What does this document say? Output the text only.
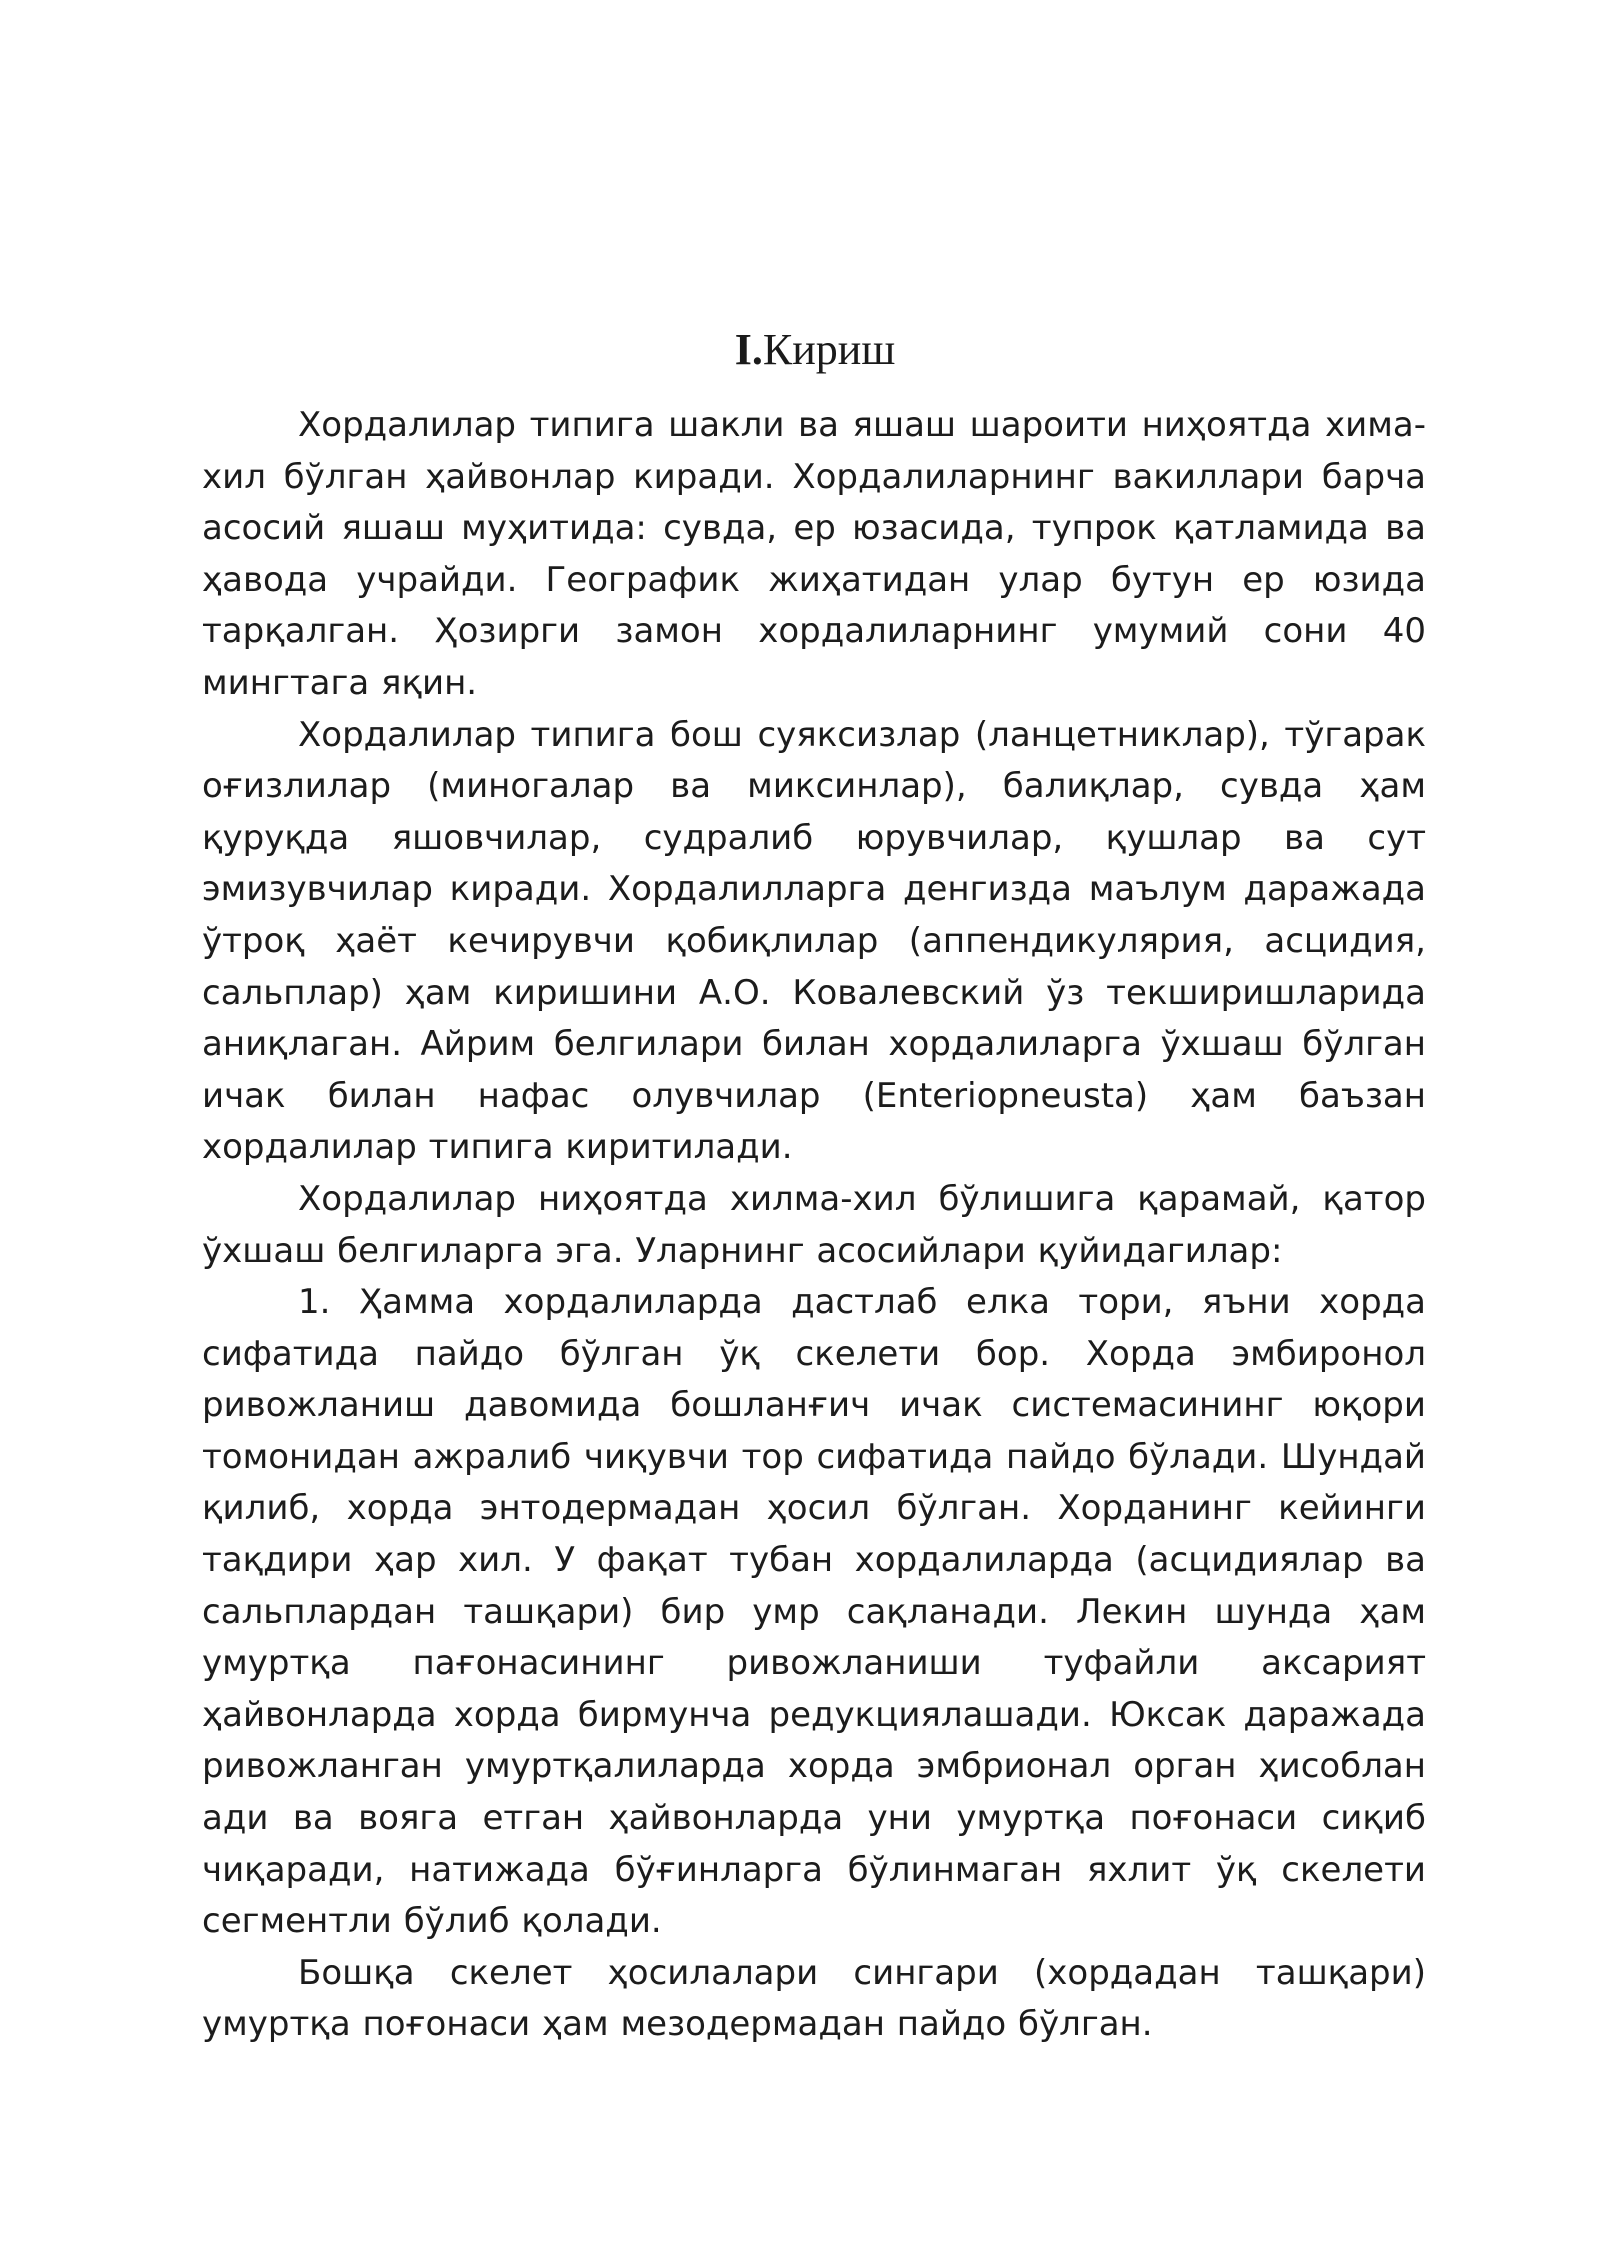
I.Кириш

Хордалилар типига шакли ва яшаш шароити ниҳоятда хима-хил бўлган ҳайвонлар киради. Хордалиларнинг вакиллари барча асосий яшаш муҳитида: сувда, ер юзасида, тупрок қатламида ва ҳавода учрайди. Географик жиҳатидан улар бутун ер юзида тарқалган. Ҳозирги замон хордалиларнинг умумий сони 40 мингтага яқин.

Хордалилар типига бош суяксизлар (ланцетниклар), тўгарак оғизлилар (миногалар ва миксинлар), балиқлар, сувда ҳам қуруқда яшовчилар, судралиб юрувчилар, қушлар ва сут эмизувчилар киради. Хордалилларга денгизда маълум даражада ўтроқ ҳаёт кечирувчи қобиқлилар (аппендикулярия, асцидия, сальплар) ҳам киришини А.О. Ковалевский ўз текширишларида аниқлаган. Айрим белгилари билан хордалиларга ўхшаш бўлган ичак билан нафас олувчилар (Enteriopneusta) ҳам баъзан хордалилар типига киритилади.

Хордалилар ниҳоятда хилма-хил бўлишига қарамай, қатор ўхшаш белгиларга эга. Уларнинг асосийлари қуйидагилар:

1. Ҳамма хордалиларда дастлаб елка тори, яъни хорда сифатида пайдо бўлган ўқ скелети бор. Хорда эмбиронол ривожланиш давомида бошланғич ичак системасининг юқори томонидан ажралиб чиқувчи тор сифатида пайдо бўлади. Шундай қилиб, хорда энтодермадан ҳосил бўлган. Хорданинг кейинги тақдири ҳар хил. У фақат тубан хордалиларда (асцидиялар ва сальплардан ташқари) бир умр сақланади. Лекин шунда ҳам умуртқа пағонасининг ривожланиши туфайли аксарият ҳайвонларда хорда бирмунча редукциялашади. Юксак даражада ривожланган умуртқалиларда хорда эмбрионал орган ҳисоблан ади ва вояга етган ҳайвонларда уни умуртқа поғонаси сиқиб чиқаради, натижада бўғинларга бўлинмаган яхлит ўқ скелети сегментли бўлиб қолади.

Бошқа скелет ҳосилалари сингари (хордадан ташқари) умуртқа поғонаси ҳам мезодермадан пайдо бўлган.
